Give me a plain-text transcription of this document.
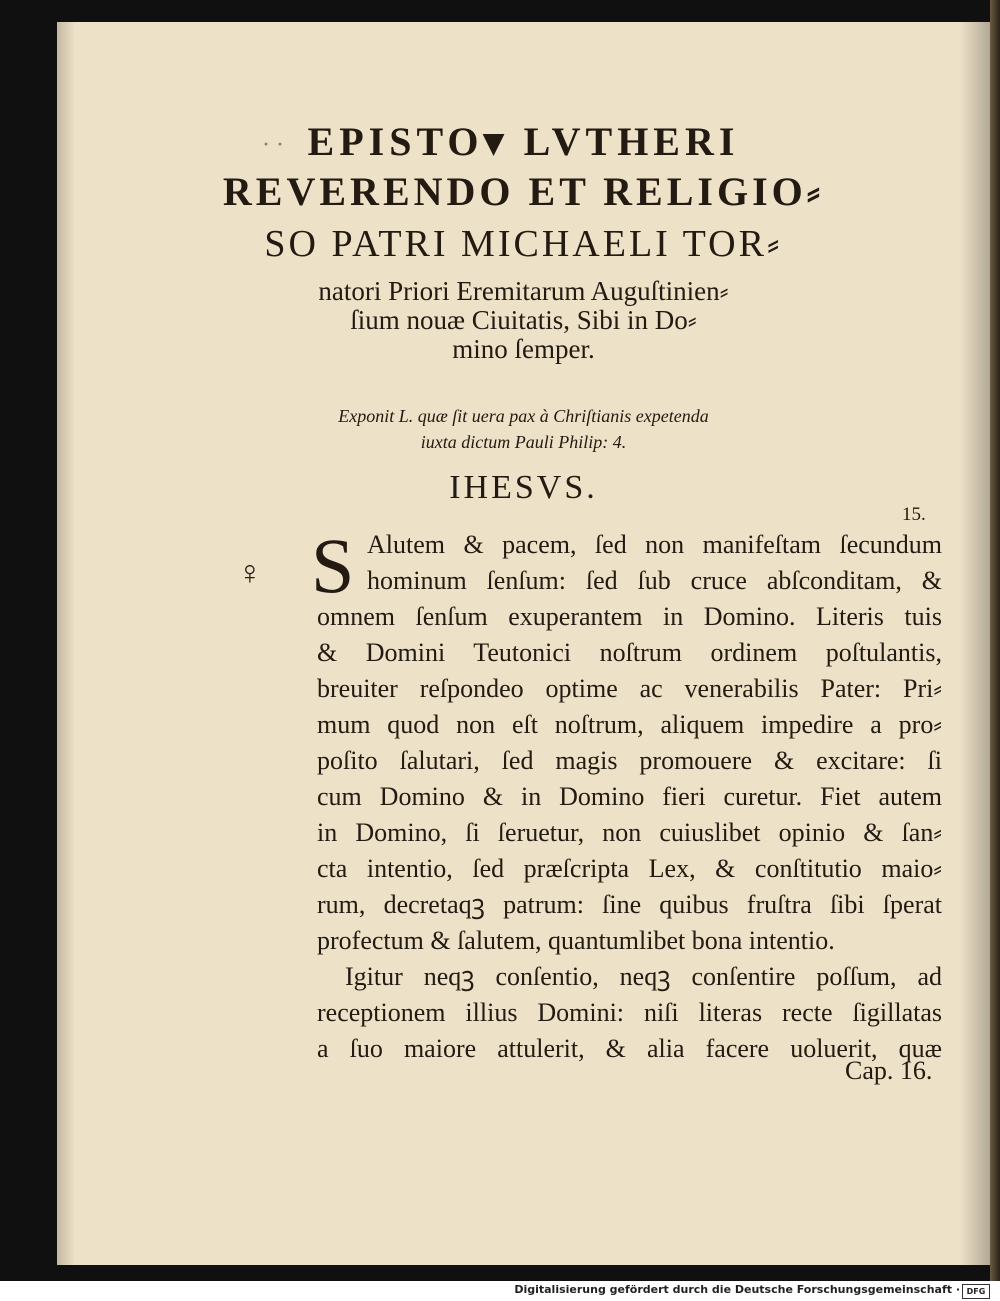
· · EPISTO▾ LVTHERI
REVERENDO ET RELIGIO⸗
SO PATRI MICHAELI TOR⸗
natori Priori Eremitarum Auguſtinien⸗
ſium nouæ Ciuitatis, Sibi in Do⸗
mino ſemper.
Exponit L. quæ ſit uera pax à Chriſtianis expetenda
iuxta dictum Pauli Philip: 4.
IHESVS.
15.
♀ S Alutem & pacem, ſed non manifeſtam ſecundum
hominum ſenſum: ſed ſub cruce abſconditam, &
omnem ſenſum exuperantem in Domino. Literis tuis
& Domini Teutonici noſtrum ordinem poſtulantis,
breuiter reſpondeo optime ac venerabilis Pater: Pri⸗
mum quod non eſt noſtrum, aliquem impedire a pro⸗
poſito ſalutari, ſed magis promouere & excitare: ſi
cum Domino & in Domino fieri curetur. Fiet autem
in Domino, ſi ſeruetur, non cuiuslibet opinio & ſan⸗
cta intentio, ſed præſcripta Lex, & conſtitutio maio⸗
rum, decretaqꝫ patrum: ſine quibus fruſtra ſibi ſperat
profectum & ſalutem, quantumlibet bona intentio.
Igitur neqꝫ conſentio, neqꝫ conſentire poſſum, ad
receptionem illius Domini: niſi literas recte ſigillatas
a ſuo maiore attulerit, & alia facere uoluerit, quæ
Cap. 16.
Digitalisierung gefördert durch die Deutsche Forschungsgemeinschaft · DFG
